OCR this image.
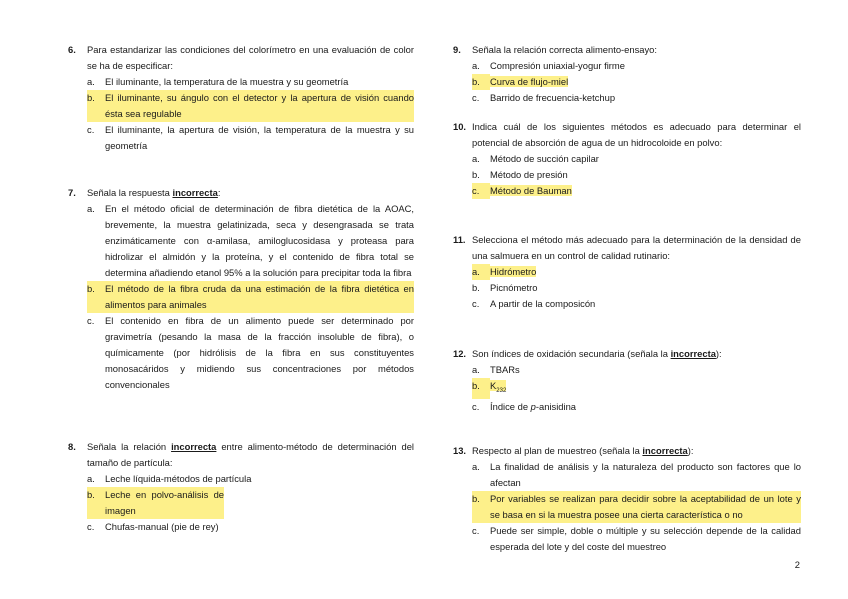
6.	Para estandarizar las condiciones del colorímetro en una evaluación de color se ha de especificar:
a.	El iluminante, la temperatura de la muestra y su geometría
b.	El iluminante, su ángulo con el detector y la apertura de visión cuando ésta sea regulable
c.	El iluminante, la apertura de visión, la temperatura de la muestra y su geometría
7.	Señala la respuesta incorrecta:
a.	En el método oficial de determinación de fibra dietética de la AOAC, brevemente, la muestra gelatinizada, seca y desengrasada se trata enzimáticamente con α-amilasa, amiloglucosidasa y proteasa para hidrolizar el almidón y la proteína, y el contenido de fibra total se determina añadiendo etanol 95% a la solución para precipitar toda la fibra
b.	El método de la fibra cruda da una estimación de la fibra dietética en alimentos para animales
c.	El contenido en fibra de un alimento puede ser determinado por gravimetría (pesando la masa de la fracción insoluble de fibra), o químicamente (por hidrólisis de la fibra en sus constituyentes monosacáridos y midiendo sus concentraciones por métodos convencionales
8.	Señala la relación incorrecta entre alimento-método de determinación del tamaño de partícula:
a.	Leche líquida-métodos de partícula
b.	Leche en polvo-análisis de imagen
c.	Chufas-manual (pie de rey)
9.	Señala la relación correcta alimento-ensayo:
a.	Compresión uniaxial-yogur firme
b.	Curva de flujo-miel
c.	Barrido de frecuencia-ketchup
10. Indica cuál de los siguientes métodos es adecuado para determinar el potencial de absorción de agua de un hidrocoloide en polvo:
a.	Método de succión capilar
b.	Método de presión
c.	Método de Bauman
11. Selecciona el método más adecuado para la determinación de la densidad de una salmuera en un control de calidad rutinario:
a.	Hidrómetro
b.	Picnómetro
c.	A partir de la composicón
12. Son índices de oxidación secundaria (señala la incorrecta):
a.	TBARs
b.	$K_{232}$
c.	Índice de p-anisidina
13. Respecto al plan de muestreo (señala la incorrecta):
a.	La finalidad de análisis y la naturaleza del producto son factores que lo afectan
b.	Por variables se realizan para decidir sobre la aceptabilidad de un lote y se basa en si la muestra posee una cierta característica o no
c.	Puede ser simple, doble o múltiple y su selección depende de la calidad esperada del lote y del coste del muestreo
2
